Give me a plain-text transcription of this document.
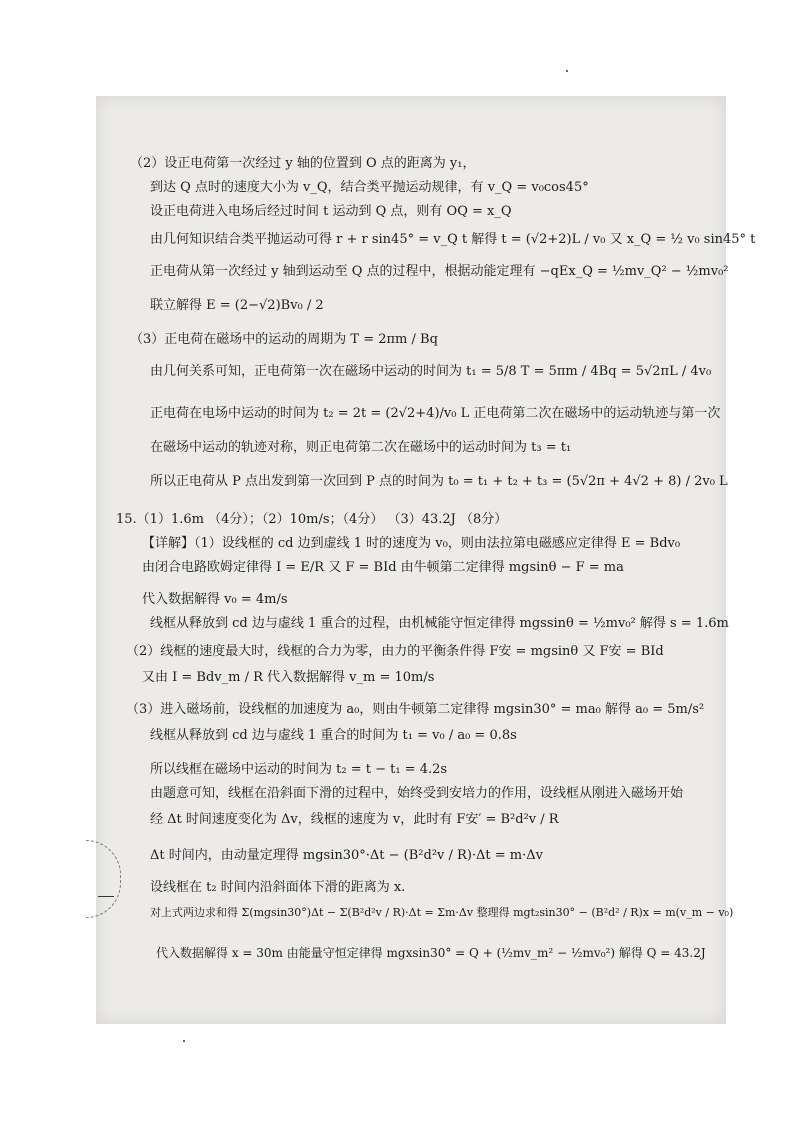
（2）设正电荷第一次经过 y 轴的位置到 O 点的距离为 y₁，
到达 Q 点时的速度大小为 v_Q，结合类平抛运动规律，有 v_Q = v₀cos45°
设正电荷进入电场后经过时间 t 运动到 Q 点，则有 OQ = x_Q
由几何知识结合类平抛运动可得 r + r sin45° = v_Q t 解得 t = (√2+2)L / v₀ 又 x_Q = ½ v₀ sin45° t
正电荷从第一次经过 y 轴到运动至 Q 点的过程中，根据动能定理有 −qEx_Q = ½mv_Q² − ½mv₀²
联立解得 E = (2−√2)Bv₀ / 2
（3）正电荷在磁场中的运动的周期为 T = 2πm / Bq
由几何关系可知，正电荷第一次在磁场中运动的时间为 t₁ = 5/8 T = 5πm / 4Bq = 5√2πL / 4v₀
正电荷在电场中运动的时间为 t₂ = 2t = (2√2+4)/v₀ L 正电荷第二次在磁场中的运动轨迹与第一次
在磁场中运动的轨迹对称，则正电荷第二次在磁场中的运动时间为 t₃ = t₁
所以正电荷从 P 点出发到第一次回到 P 点的时间为 t₀ = t₁ + t₂ + t₃ = (5√2π + 4√2 + 8) / 2v₀ L
15.（1）1.6m （4分）；（2）10m/s；（4分） （3）43.2J （8分）
【详解】（1）设线框的 cd 边到虚线 1 时的速度为 v₀，则由法拉第电磁感应定律得 E = Bdv₀
由闭合电路欧姆定律得 I = E/R 又 F = BId 由牛顿第二定律得 mgsinθ − F = ma
代入数据解得 v₀ = 4m/s
线框从释放到 cd 边与虚线 1 重合的过程，由机械能守恒定律得 mgssinθ = ½mv₀² 解得 s = 1.6m
（2）线框的速度最大时，线框的合力为零，由力的平衡条件得 F安 = mgsinθ 又 F安 = BId
又由 I = Bdv_m / R 代入数据解得 v_m = 10m/s
（3）进入磁场前，设线框的加速度为 a₀，则由牛顿第二定律得 mgsin30° = ma₀ 解得 a₀ = 5m/s²
线框从释放到 cd 边与虚线 1 重合的时间为 t₁ = v₀ / a₀ = 0.8s
所以线框在磁场中运动的时间为 t₂ = t − t₁ = 4.2s
由题意可知，线框在沿斜面下滑的过程中，始终受到安培力的作用，设线框从刚进入磁场开始
经 Δt 时间速度变化为 Δv，线框的速度为 v，此时有 F安′ = B²d²v / R
Δt 时间内，由动量定理得 mgsin30°·Δt − (B²d²v / R)·Δt = m·Δv
设线框在 t₂ 时间内沿斜面体下滑的距离为 x.
对上式两边求和得 Σ(mgsin30°)Δt − Σ(B²d²v / R)·Δt = Σm·Δv 整理得 mgt₂sin30° − (B²d² / R)x = m(v_m − v₀)
代入数据解得 x = 30m 由能量守恒定律得 mgxsin30° = Q + (½mv_m² − ½mv₀²) 解得 Q = 43.2J
